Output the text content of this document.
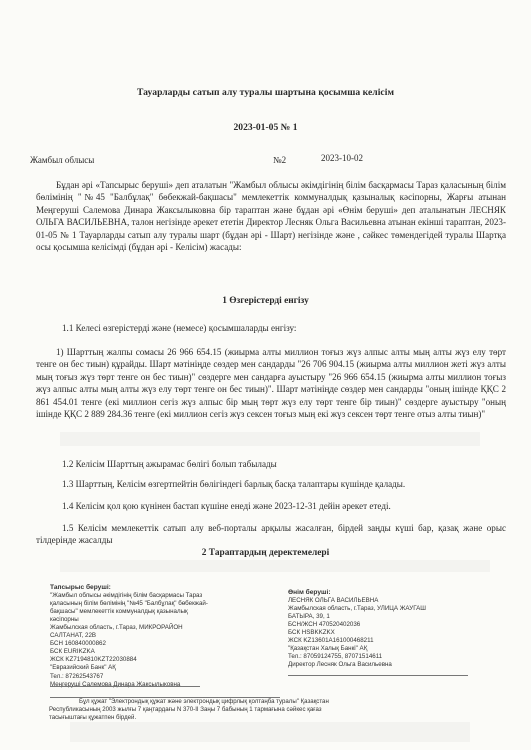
Тауарларды сатып алу туралы шартына қосымша келісім
2023-01-05 № 1
Жамбыл облысы	№2	2023-10-02
Бұдан әрі «Тапсырыс беруші» деп аталатын "Жамбыл облысы әкімдігінің білім басқармасы Тараз қаласының білім бөлімінің "№45 "Балбұлақ" бөбекжай-бақшасы" мемлекеттік коммуналдық қазыналық кәсіпорны, Жарғы атынан Меңгеруші Салемова Динара Жаксылыковна бір тараптан және бұдан әрі «Өнім беруші» деп аталынатын ЛЕСНЯК ОЛЬГА ВАСИЛЬЕВНА, талон негізінде әрекет ететін Директор Лесняк Ольга Васильевна атынан екінші тараптан, 2023-01-05 № 1 Тауарларды сатып алу туралы шарт (бұдан әрі - Шарт) негізінде және , сәйкес төмендегідей туралы Шартқа осы қосымша келісімді (бұдан әрі - Келісім) жасады:
1 Өзгерістерді енгізу
1.1 Келесі өзгерістерді және (немесе) қосымшаларды енгізу:
1) Шарттың жалпы сомасы 26 966 654.15 (жиырма алты миллион тоғыз жүз алпыс алты мың алты жүз елу төрт тенге он бес тиын) құрайды. Шарт мәтініңде сөздер мен сандарды "26 706 904.15 (жиырма алты миллион жеті жүз алты мың тоғыз жүз төрт тенге он бес тиын)" сөздерге мен сандарға ауыстыру "26 966 654.15 (жиырма алты миллион тоғыз жүз алпыс алты мың алты жүз елу төрт тенге он бес тиын)". Шарт мәтініңде сөздер мен сандарды "оның ішінде ҚҚС 2 861 454.01 тенге (екі миллион сегіз жүз алпыс бір мың төрт жүз елу төрт тенге бір тиын)" сөздерге ауыстыру "оның ішінде ҚҚС 2 889 284.36 тенге (екі миллион сегіз жүз сексен тоғыз мың екі жүз сексен төрт тенге отыз алты тиын)"
1.2 Келісім Шарттың ажырамас бөлігі болып табылады
1.3 Шарттың, Келісім өзгертпейтін бөлігіндегі барлық басқа талаптары күшінде қалады.
1.4 Келісім қол қою күнінен бастап күшіне енеді және 2023-12-31 дейін әрекет етеді.
1.5 Келісім мемлекеттік сатып алу веб-порталы арқылы жасалған, бірдей заңды күші бар, қазақ және орыс тілдерінде жасалды
2 Тараптардың деректемелері
Тапсырыс беруші:
"Жамбыл облысы әкімдігінің білім басқармасы Тараз
қаласының білім бөлімінің "№45 "Балбұлақ" бөбекжай-
бақшасы" мемлекеттік коммуналдық қазыналық
кәсіпорны
Жамбылская область, г.Тараз, МИКРОРАЙОН
САЛТАНАТ, 22В
БСН 160840000862
БСК EURIKZKA
ЖСК KZ7194810KZT22030884
"Евразийский Банк" АҚ
Тел.: 87262543767
Меңгеруші Салемова Динара Жаксылыковна
Өнім беруші:
ЛЕСНЯК ОЛЬГА ВАСИЛЬЕВНА
Жамбылская область, г.Тараз, УЛИЦА ЖАУГАШ
БАТЫРА, 39, 1
БСН/ЖСН 470520402036
БСК HSBKKZKX
ЖСК KZ13601A161000468211
"Қазақстан Халық Банкі" АҚ
Тел.: 87059124755, 87071514611
Директор Лесняк Ольга Васильевна
Бұл құжат "Электрондық құжат және электрондық цифрлық қолтаңба туралы" Қазақстан
Республикасының 2003 жылғы 7 қаңтардағы N 370-II Заңы 7 бабының 1 тармағына сәйкес қағаз
тасығыштағы құжатпен бірдей.
